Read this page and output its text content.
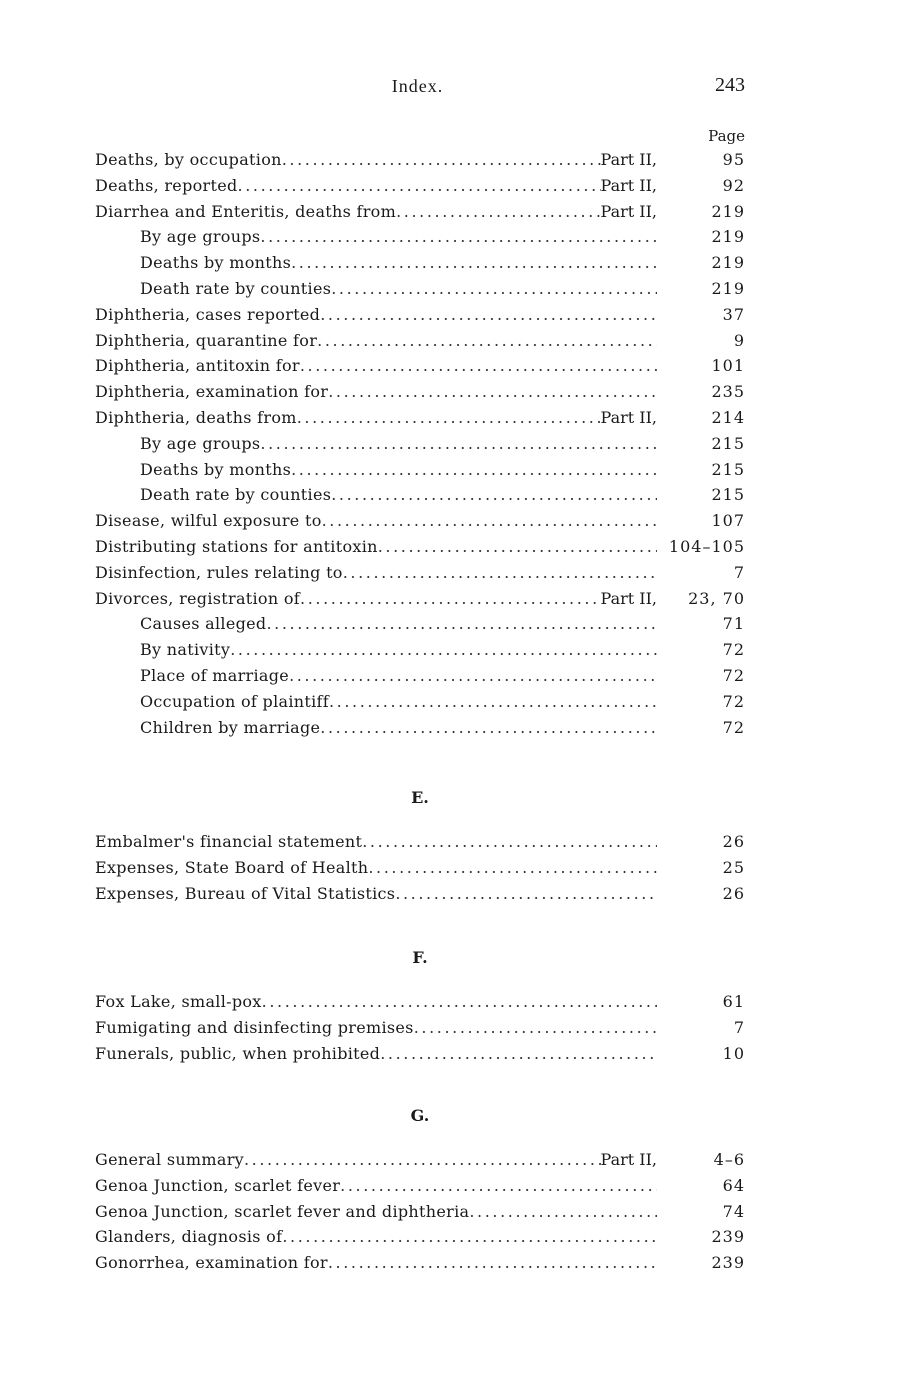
Index.	243
Page
Deaths, by occupation .....	Part II,	95
Deaths, reported .....	Part II,	92
Diarrhea and Enteritis, deaths from .....	Part II,	219
By age groups .....	219
Deaths by months .....	219
Death rate by counties .....	219
Diphtheria, cases reported .....	37
Diphtheria, quarantine for .....	9
Diphtheria, antitoxin for .....	101
Diphtheria, examination for .....	235
Diphtheria, deaths from .....	Part II,	214
By age groups .....	215
Deaths by months .....	215
Death rate by counties .....	215
Disease, wilful exposure to .....	107
Distributing stations for antitoxin .....	104–105
Disinfection, rules relating to .....	7
Divorces, registration of .....	Part II,	23, 70
Causes alleged .....	71
By nativity .....	72
Place of marriage .....	72
Occupation of plaintiff .....	72
Children by marriage .....	72
E.
Embalmer's financial statement .....	26
Expenses, State Board of Health .....	25
Expenses, Bureau of Vital Statistics .....	26
F.
Fox Lake, small-pox .....	61
Fumigating and disinfecting premises .....	7
Funerals, public, when prohibited .....	10
G.
General summary .....	Part II,	4–6
Genoa Junction, scarlet fever .....	64
Genoa Junction, scarlet fever and diphtheria .....	74
Glanders, diagnosis of .....	239
Gonorrhea, examination for .....	239
